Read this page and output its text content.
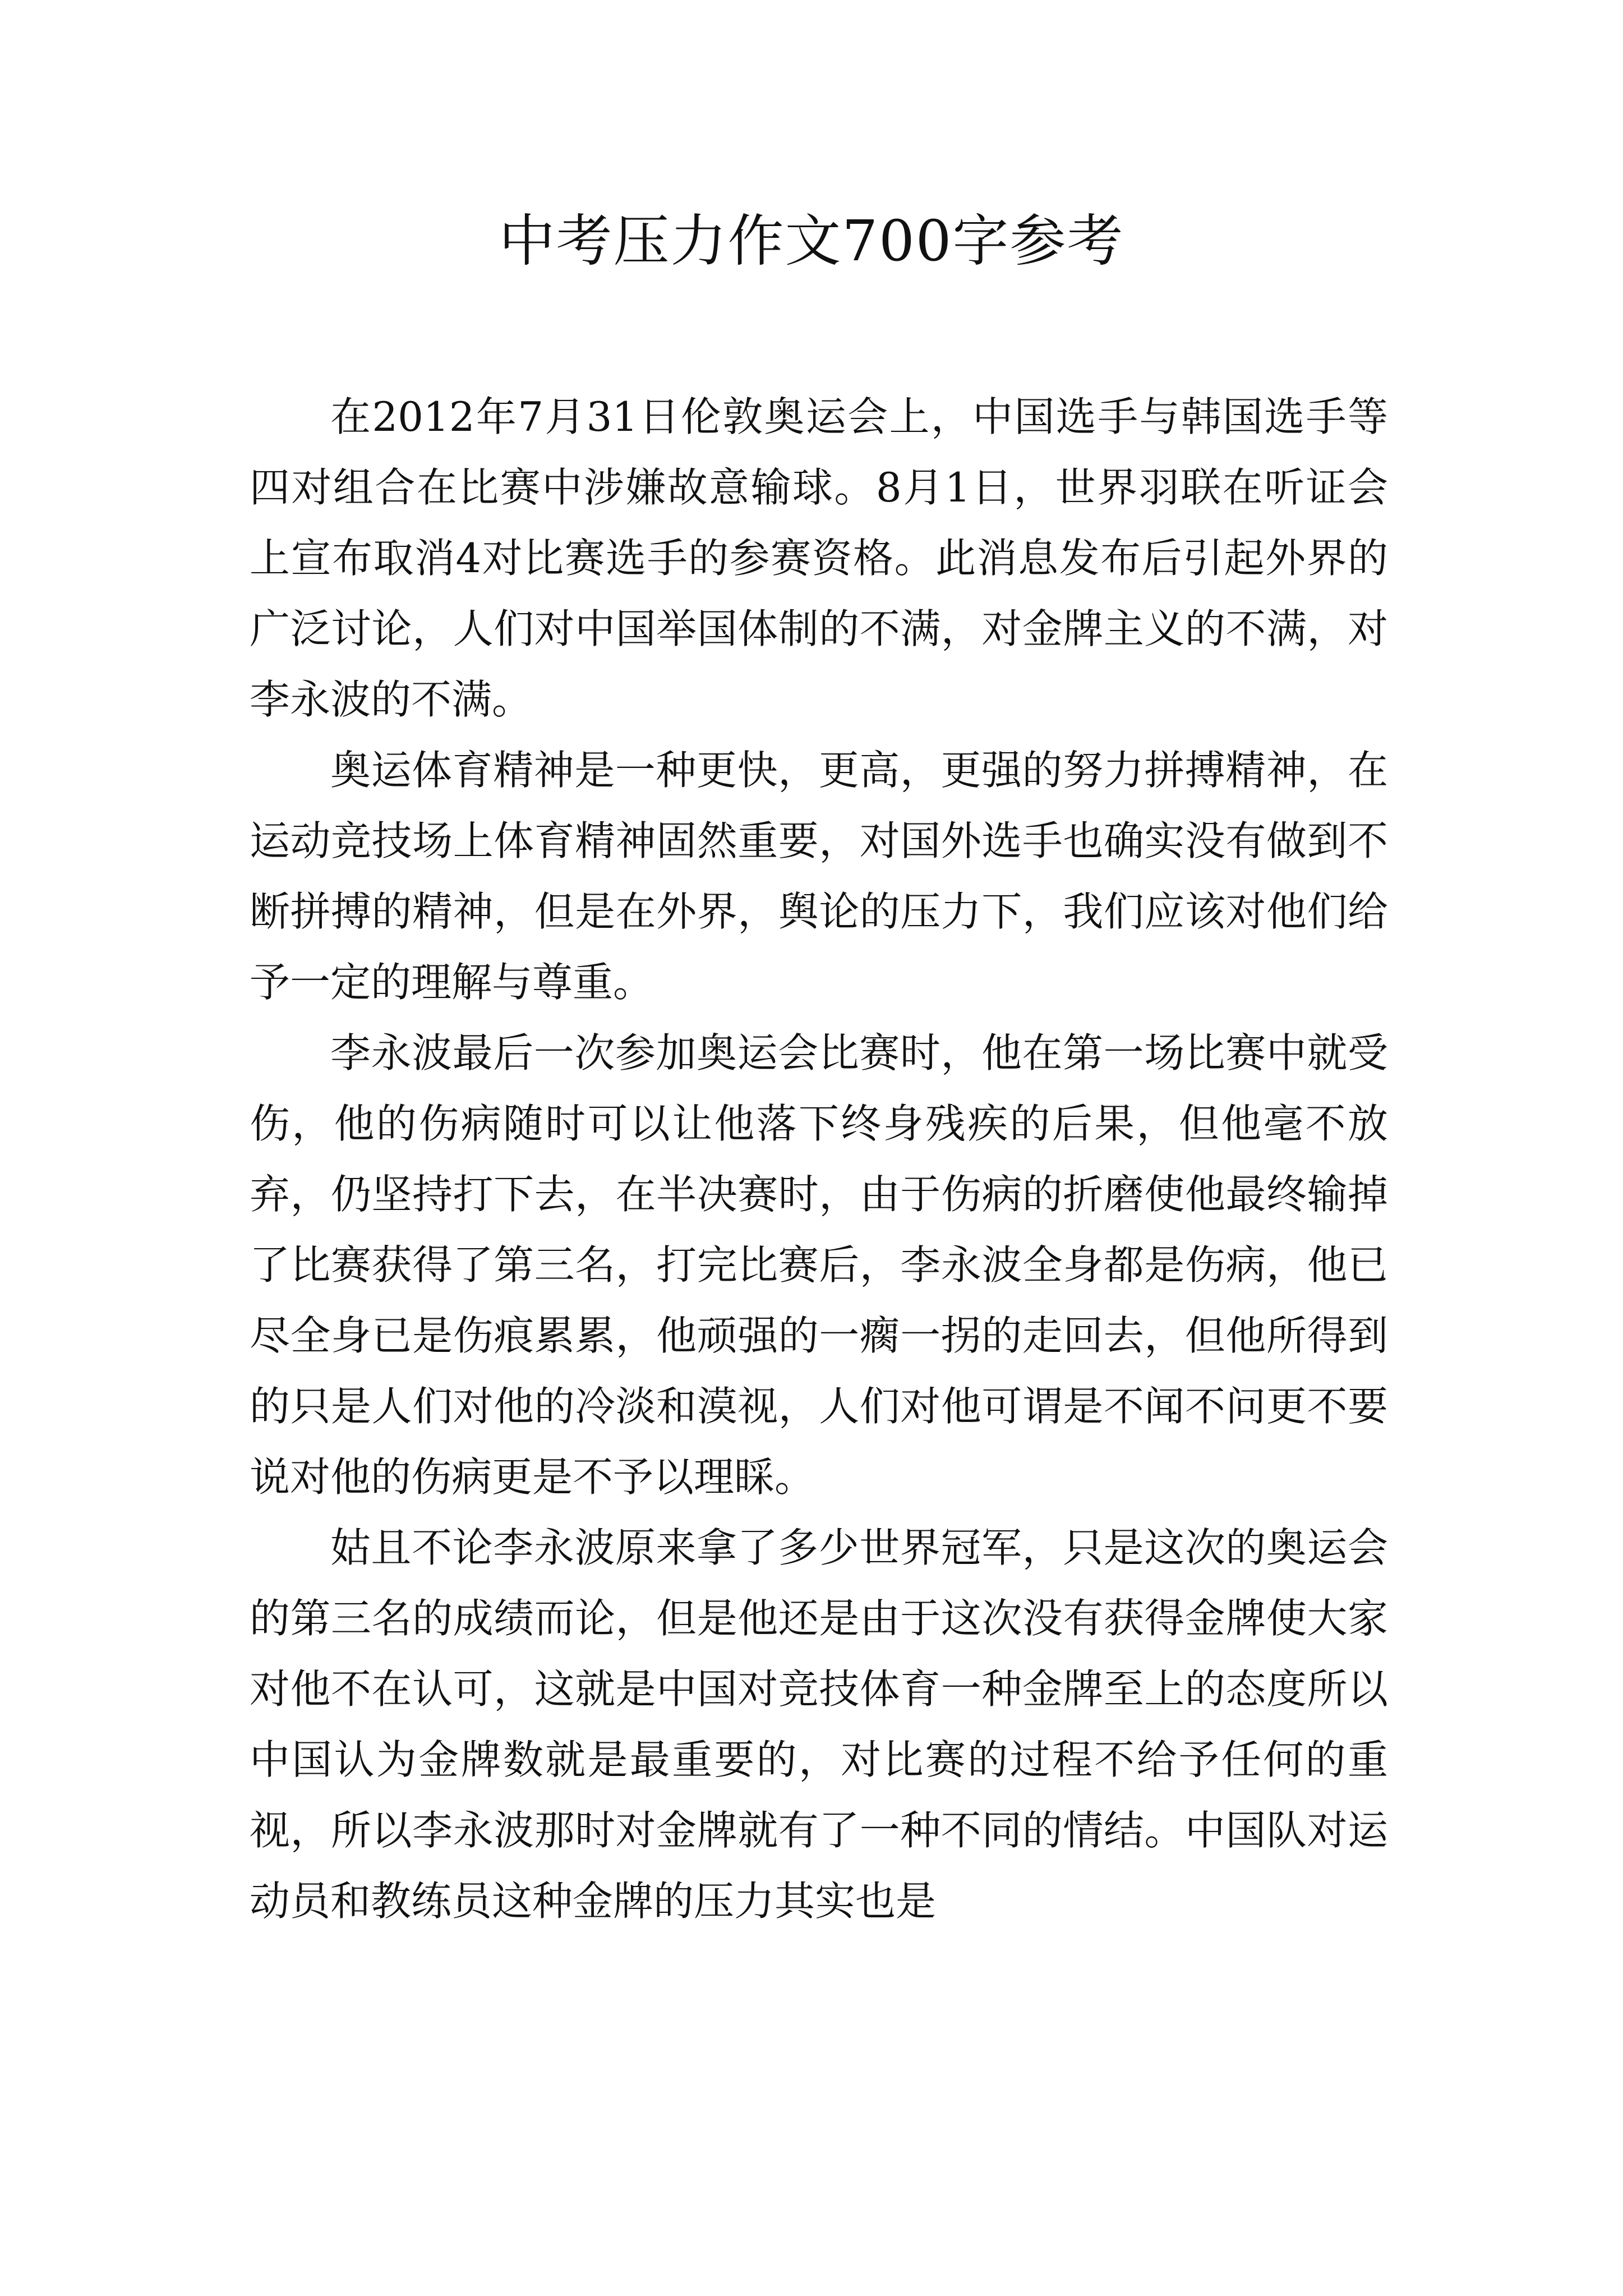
中考压力作文700字参考

在2012年7月31日伦敦奥运会上，中国选手与韩国选手等四对组合在比赛中涉嫌故意输球。8月1日，世界羽联在听证会上宣布取消4对比赛选手的参赛资格。此消息发布后引起外界的广泛讨论，人们对中国举国体制的不满，对金牌主义的不满，对李永波的不满。

奥运体育精神是一种更快，更高，更强的努力拼搏精神，在运动竞技场上体育精神固然重要，对国外选手也确实没有做到不断拼搏的精神，但是在外界，舆论的压力下，我们应该对他们给予一定的理解与尊重。

李永波最后一次参加奥运会比赛时，他在第一场比赛中就受伤，他的伤病随时可以让他落下终身残疾的后果，但他毫不放弃，仍坚持打下去，在半决赛时，由于伤病的折磨使他最终输掉了比赛获得了第三名，打完比赛后，李永波全身都是伤病，他已尽全身已是伤痕累累，他顽强的一瘸一拐的走回去，但他所得到的只是人们对他的冷淡和漠视，人们对他可谓是不闻不问更不要说对他的伤病更是不予以理睬。

姑且不论李永波原来拿了多少世界冠军，只是这次的奥运会的第三名的成绩而论，但是他还是由于这次没有获得金牌使大家对他不在认可，这就是中国对竞技体育一种金牌至上的态度所以中国认为金牌数就是最重要的，对比赛的过程不给予任何的重视，所以李永波那时对金牌就有了一种不同的情结。中国队对运动员和教练员这种金牌的压力其实也是
